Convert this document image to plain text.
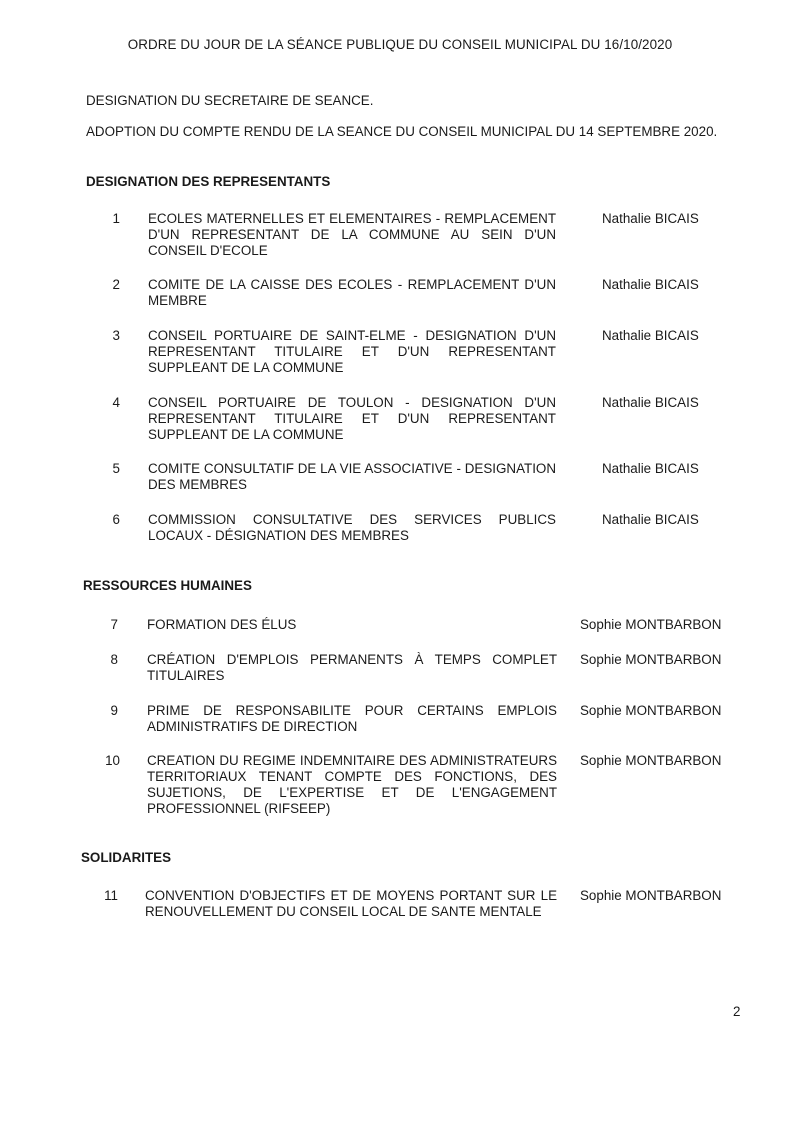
ORDRE DU JOUR DE LA SÉANCE PUBLIQUE DU CONSEIL MUNICIPAL DU 16/10/2020
DESIGNATION DU SECRETAIRE DE SEANCE.
ADOPTION DU COMPTE RENDU DE LA SEANCE DU CONSEIL MUNICIPAL DU 14 SEPTEMBRE 2020.
DESIGNATION DES REPRESENTANTS
1 ECOLES MATERNELLES ET ELEMENTAIRES - REMPLACEMENT D'UN REPRESENTANT DE LA COMMUNE AU SEIN D'UN CONSEIL D'ECOLE
Nathalie BICAIS
2 COMITE DE LA CAISSE DES ECOLES - REMPLACEMENT D'UN MEMBRE
Nathalie BICAIS
3 CONSEIL PORTUAIRE DE SAINT-ELME - DESIGNATION D'UN REPRESENTANT TITULAIRE ET D'UN REPRESENTANT SUPPLEANT DE LA COMMUNE
Nathalie BICAIS
4 CONSEIL PORTUAIRE DE TOULON - DESIGNATION D'UN REPRESENTANT TITULAIRE ET D'UN REPRESENTANT SUPPLEANT DE LA COMMUNE
Nathalie BICAIS
5 COMITE CONSULTATIF DE LA VIE ASSOCIATIVE - DESIGNATION DES MEMBRES
Nathalie BICAIS
6 COMMISSION CONSULTATIVE DES SERVICES PUBLICS LOCAUX - DÉSIGNATION DES MEMBRES
Nathalie BICAIS
RESSOURCES HUMAINES
7 FORMATION DES ÉLUS	Sophie MONTBARBON
8 CRÉATION D'EMPLOIS PERMANENTS À TEMPS COMPLET TITULAIRES
Sophie MONTBARBON
9 PRIME DE RESPONSABILITE POUR CERTAINS EMPLOIS ADMINISTRATIFS DE DIRECTION
Sophie MONTBARBON
10 CREATION DU REGIME INDEMNITAIRE DES ADMINISTRATEURS TERRITORIAUX TENANT COMPTE DES FONCTIONS, DES SUJETIONS, DE L'EXPERTISE ET DE L'ENGAGEMENT PROFESSIONNEL (RIFSEEP)
Sophie MONTBARBON
SOLIDARITES
11 CONVENTION D'OBJECTIFS ET DE MOYENS PORTANT SUR LE RENOUVELLEMENT DU CONSEIL LOCAL DE SANTE MENTALE
Sophie MONTBARBON
2
